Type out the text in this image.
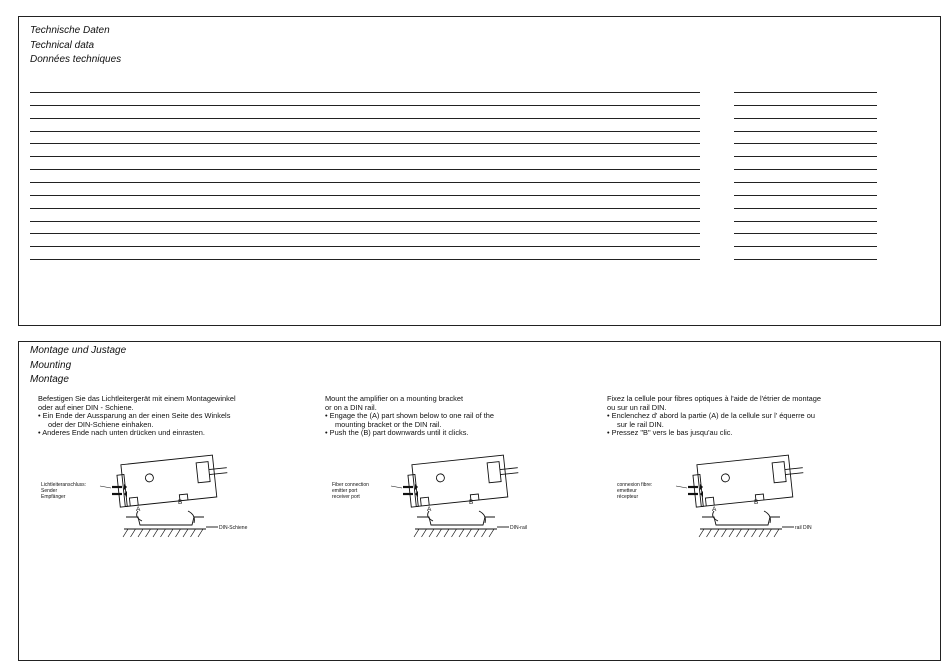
Technische Daten
Technical data
Données techniques
Montage und Justage
Mounting
Montage

Befestigen Sie das Lichtleitergerät mit einem Montagewinkel

oder auf einer DIN - Schiene.

• Ein Ende der Aussparung an der einen Seite des Winkels

oder der DIN-Schiene einhaken.

• Anderes Ende nach unten drücken und einrasten.

Mount the amplifier on a mounting bracket

or on a DIN rail.

• Engage the (A) part shown below to one rail of the

mounting bracket or the DIN rail.

• Push the (B) part downwards until it clicks.

Fixez la cellule pour fibres optiques à l'aide de l'étrier de montage

ou sur un rail DIN.

• Enclenchez d' abord la partie (A) de la cellule sur l' équerre ou

sur le rail DIN.

• Pressez "B" vers le bas jusqu'au clic.

A
B
Lichtleiteranschluss: Sender Empfänger
DIN-Schiene
A
B
Fiber connection emitter port receiver port
DIN-rail
A
B
connexion fibre: emetteur récepteur
rail DIN
